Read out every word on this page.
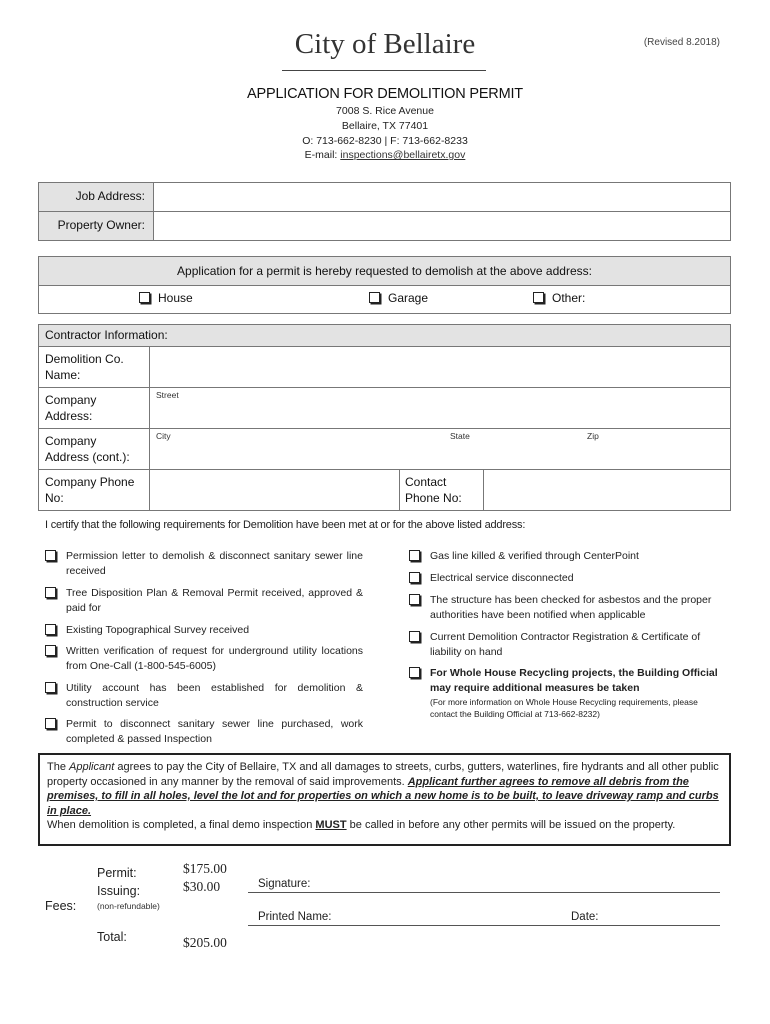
City of Bellaire	(Revised 8.2018)
APPLICATION FOR DEMOLITION PERMIT
7008 S. Rice Avenue
Bellaire, TX 77401
O: 713-662-8230 | F: 713-662-8233
E-mail: inspections@bellairetx.gov
Job Address:	
Property Owner:	
Application for a permit is hereby requested to demolish at the above address:

House	Garage	Other:
Contractor Information:			
Demolition Co. Name:			
Company Address:	Street		
Company Address (cont.):	City State Zip		

Company Phone No:		Contact Phone No:	
I certify that the following requirements for Demolition have been met at or for the above listed address:
Permission letter to demolish & disconnect sanitary sewer line received
Tree Disposition Plan & Removal Permit received, approved & paid for
Existing Topographical Survey received
Written verification of request for underground utility locations from One-Call (1-800-545-6005)
Utility account has been established for demolition & construction service
Permit to disconnect sanitary sewer line purchased, work completed & passed Inspection
Gas line killed & verified through CenterPoint
Electrical service disconnected
The structure has been checked for asbestos and the proper authorities have been notified when applicable
Current Demolition Contractor Registration & Certificate of liability on hand
For Whole House Recycling projects, the Building Official may require additional measures be taken
(For more information on Whole House Recycling requirements, please contact the Building Official at 713-662-8232)
The Applicant agrees to pay the City of Bellaire, TX and all damages to streets, curbs, gutters, waterlines, fire hydrants and all other public property occasioned in any manner by the removal of said improvements. Applicant further agrees to remove all debris from the premises, to fill in all holes, level the lot and for properties on which a new home is to be built, to leave driveway ramp and curbs in place.
When demolition is completed, a final demo inspection MUST be called in before any other permits will be issued on the property.
Fees:
Permit:	$175.00
Issuing:	$30.00
(non-refundable)
Total:	$205.00
Signature:
Printed Name:	Date:
